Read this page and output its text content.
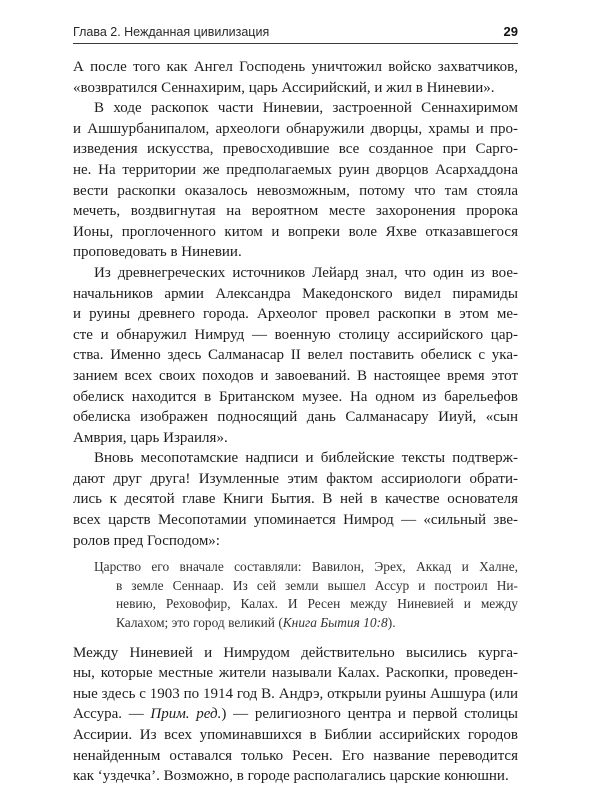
Глава 2. Нежданная цивилизация	29
А после того как Ангел Господень уничтожил войско захватчиков,
«возвратился Сеннахирим, царь Ассирийский, и жил в Ниневии».
В ходе раскопок части Ниневии, застроенной Сеннахиримом
и Ашшурбанипалом, археологи обнаружили дворцы, храмы и про-
изведения искусства, превосходившие все созданное при Сарго-
не. На территории же предполагаемых руин дворцов Асархаддона
вести раскопки оказалось невозможным, потому что там стояла
мечеть, воздвигнутая на вероятном месте захоронения пророка
Ионы, проглоченного китом и вопреки воле Яхве отказавшегося
проповедовать в Ниневии.
Из древнегреческих источников Лейард знал, что один из вое-
начальников армии Александра Македонского видел пирамиды
и руины древнего города. Археолог провел раскопки в этом ме-
сте и обнаружил Нимруд — военную столицу ассирийского цар-
ства. Именно здесь Салманасар II велел поставить обелиск с ука-
занием всех своих походов и завоеваний. В настоящее время этот
обелиск находится в Британском музее. На одном из барельефов
обелиска изображен подносящий дань Салманасару Ииуй, «сын
Амврия, царь Израиля».
Вновь месопотамские надписи и библейские тексты подтверж-
дают друг друга! Изумленные этим фактом ассириологи обрати-
лись к десятой главе Книги Бытия. В ней в качестве основателя
всех царств Месопотамии упоминается Нимрод — «сильный зве-
ролов пред Господом»:
Царство его вначале составляли: Вавилон, Эрех, Аккад и Халне,
в земле Сеннаар. Из сей земли вышел Ассур и построил Ни-
невию, Реховофир, Калах. И Ресен между Ниневией и между
Калахом; это город великий (Книга Бытия 10:8).
Между Ниневией и Нимрудом действительно высились курга-
ны, которые местные жители называли Калах. Раскопки, проведен-
ные здесь с 1903 по 1914 год В. Андрэ, открыли руины Ашшура (или
Ассура. — Прим. ред.) — религиозного центра и первой столицы
Ассирии. Из всех упоминавшихся в Библии ассирийских городов
ненайденным оставался только Ресен. Его название переводится
как ‘уздечка’. Возможно, в городе располагались царские конюшни.
